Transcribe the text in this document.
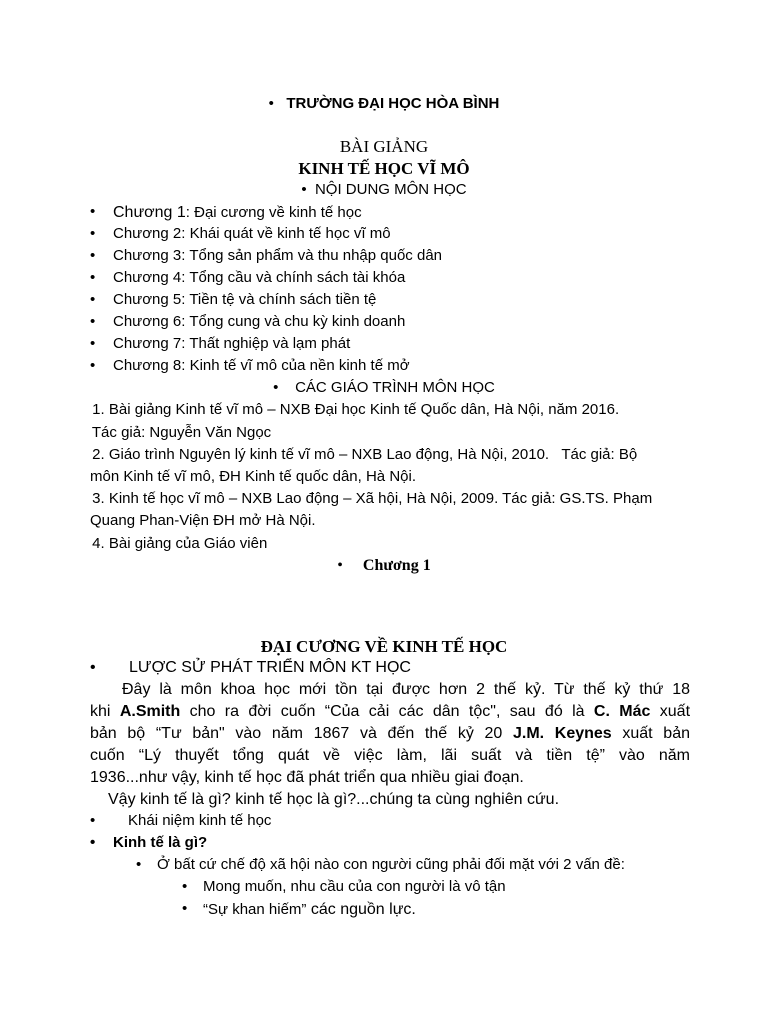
• TRƯỜNG ĐẠI HỌC HÒA BÌNH
BÀI GIẢNG
KINH TẾ HỌC VĨ MÔ
• NỘI DUNG MÔN HỌC
• Chương 1: Đại cương về kinh tế học
• Chương 2: Khái quát về kinh tế học vĩ mô
• Chương 3: Tổng sản phẩm và thu nhập quốc dân
• Chương 4: Tổng cầu và chính sách tài khóa
• Chương 5: Tiền tệ và chính sách tiền tệ
• Chương 6: Tổng cung và chu kỳ kinh doanh
• Chương 7: Thất nghiệp và lạm phát
• Chương 8: Kinh tế vĩ mô của nền kinh tế mở
• CÁC GIÁO TRÌNH MÔN HỌC
1. Bài giảng Kinh tế vĩ mô – NXB Đại học Kinh tế Quốc dân, Hà Nội, năm 2016.
Tác giả: Nguyễn Văn Ngọc
2. Giáo trình Nguyên lý kinh tế vĩ mô – NXB Lao động, Hà Nội, 2010.   Tác giả: Bộ
môn Kinh tế vĩ mô, ĐH Kinh tế quốc dân, Hà Nội.
3. Kinh tế học vĩ mô – NXB Lao động – Xã hội, Hà Nội, 2009. Tác giả: GS.TS. Phạm
Quang Phan-Viện ĐH mở Hà Nội.
4. Bài giảng của Giáo viên
• Chương 1
ĐẠI CƯƠNG VỀ KINH TẾ HỌC
• LƯỢC SỬ PHÁT TRIỂN MÔN KT HỌC
Đây là môn khoa học mới tồn tại được hơn 2 thế kỷ. Từ thế kỷ thứ 18
khi A.Smith cho ra đời cuốn “Của cải các dân tộc", sau đó là C. Mác xuất
bản bộ “Tư bản" vào năm 1867 và đến thế kỷ 20 J.M. Keynes xuất bản
cuốn “Lý thuyết tổng quát về việc làm, lãi suất và tiền tệ” vào năm
1936...như vậy, kinh tế học đã phát triển qua nhiều giai đoạn.
Vậy kinh tế là gì? kinh tế học là gì?...chúng ta cùng nghiên cứu.
• Khái niệm kinh tế học
• Kinh tế là gì?
• Ở bất cứ chế độ xã hội nào con người cũng phải đối mặt với 2 vấn đề:
• Mong muốn, nhu cầu của con người là vô tận
• “Sự khan hiếm” các nguồn lực.
